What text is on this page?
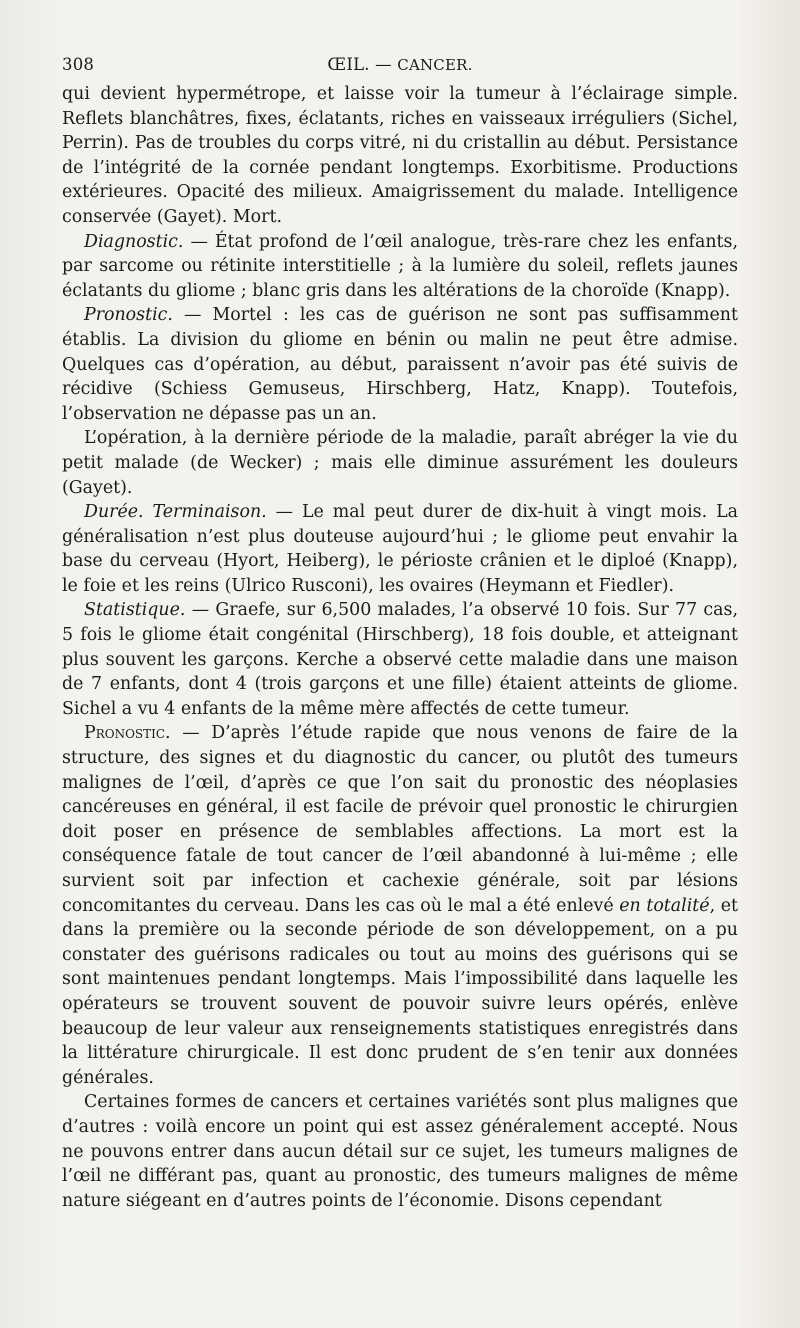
308	ŒIL. — CANCER.

qui devient hypermétrope, et laisse voir la tumeur à l’éclairage simple. Reflets blanchâtres, fixes, éclatants, riches en vaisseaux irréguliers (Sichel, Perrin). Pas de troubles du corps vitré, ni du cristallin au début. Persistance de l’intégrité de la cornée pendant longtemps. Exorbitisme. Productions extérieures. Opacité des milieux. Amaigrissement du malade. Intelligence conservée (Gayet). Mort.

Diagnostic. — État profond de l’œil analogue, très-rare chez les enfants, par sarcome ou rétinite interstitielle ; à la lumière du soleil, reflets jaunes éclatants du gliome ; blanc gris dans les altérations de la choroïde (Knapp).

Pronostic. — Mortel : les cas de guérison ne sont pas suffisamment établis. La division du gliome en bénin ou malin ne peut être admise. Quelques cas d’opération, au début, paraissent n’avoir pas été suivis de récidive (Schiess Gemuseus, Hirschberg, Hatz, Knapp). Toutefois, l’observation ne dépasse pas un an.

L’opération, à la dernière période de la maladie, paraît abréger la vie du petit malade (de Wecker) ; mais elle diminue assurément les douleurs (Gayet).

Durée. Terminaison. — Le mal peut durer de dix-huit à vingt mois. La généralisation n’est plus douteuse aujourd’hui ; le gliome peut envahir la base du cerveau (Hyort, Heiberg), le périoste crânien et le diploé (Knapp), le foie et les reins (Ulrico Rusconi), les ovaires (Heymann et Fiedler).

Statistique. — Graefe, sur 6,500 malades, l’a observé 10 fois. Sur 77 cas, 5 fois le gliome était congénital (Hirschberg), 18 fois double, et atteignant plus souvent les garçons. Kerche a observé cette maladie dans une maison de 7 enfants, dont 4 (trois garçons et une fille) étaient atteints de gliome. Sichel a vu 4 enfants de la même mère affectés de cette tumeur.

Pronostic. — D’après l’étude rapide que nous venons de faire de la structure, des signes et du diagnostic du cancer, ou plutôt des tumeurs malignes de l’œil, d’après ce que l’on sait du pronostic des néoplasies cancéreuses en général, il est facile de prévoir quel pronostic le chirurgien doit poser en présence de semblables affections. La mort est la conséquence fatale de tout cancer de l’œil abandonné à lui-même ; elle survient soit par infection et cachexie générale, soit par lésions concomitantes du cerveau. Dans les cas où le mal a été enlevé en totalité, et dans la première ou la seconde période de son développement, on a pu constater des guérisons radicales ou tout au moins des guérisons qui se sont maintenues pendant longtemps. Mais l’impossibilité dans laquelle les opérateurs se trouvent souvent de pouvoir suivre leurs opérés, enlève beaucoup de leur valeur aux renseignements statistiques enregistrés dans la littérature chirurgicale. Il est donc prudent de s’en tenir aux données générales.

Certaines formes de cancers et certaines variétés sont plus malignes que d’autres : voilà encore un point qui est assez généralement accepté. Nous ne pouvons entrer dans aucun détail sur ce sujet, les tumeurs malignes de l’œil ne différant pas, quant au pronostic, des tumeurs malignes de même nature siégeant en d’autres points de l’économie. Disons cependant
